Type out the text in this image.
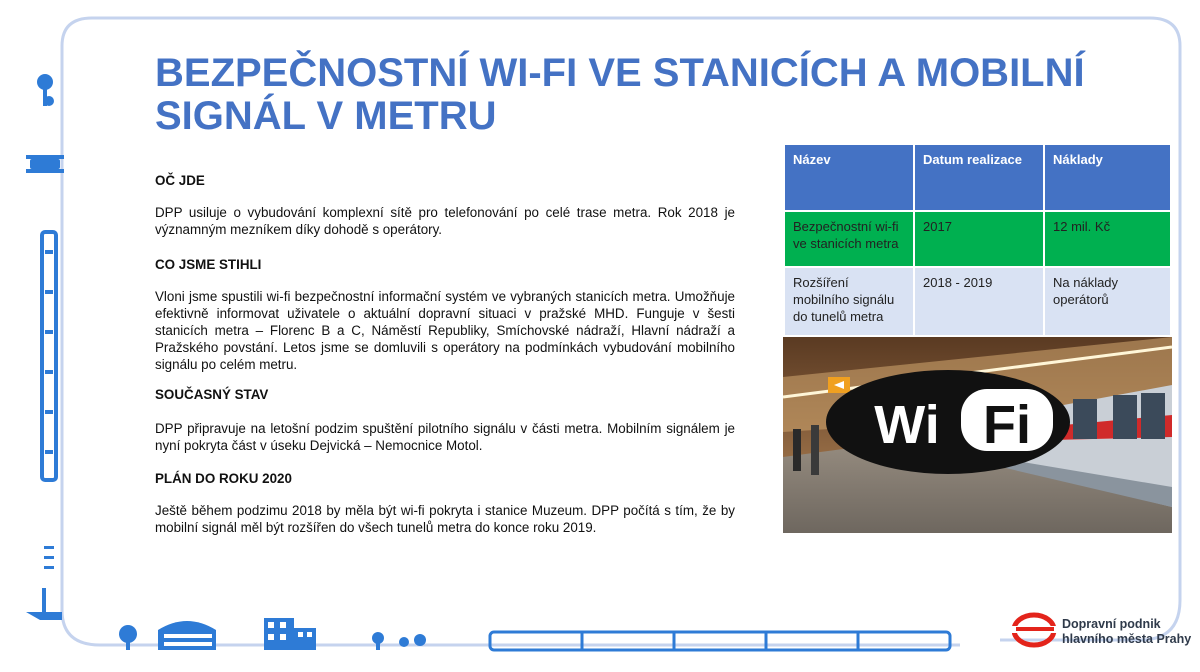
BEZPEČNOSTNÍ WI-FI VE STANICÍCH A MOBILNÍ SIGNÁL V METRU
OČ JDE

DPP usiluje o vybudování komplexní sítě pro telefonování po celé trase metra. Rok 2018 je významným mezníkem díky dohodě s operátory.

CO JSME STIHLI

Vloni jsme spustili wi-fi bezpečnostní informační systém ve vybraných stanicích metra. Umožňuje efektivně informovat uživatele o aktuální dopravní situaci v pražské MHD. Funguje v šesti stanicích metra – Florenc B a C, Náměstí Republiky, Smíchovské nádraží, Hlavní nádraží a Pražského povstání. Letos jsme se domluvili s operátory na podmínkách vybudování mobilního signálu po celém metru.

SOUČASNÝ STAV

DPP připravuje na letošní podzim spuštění pilotního signálu v části metra. Mobilním signálem je nyní pokryta část v úseku Dejvická – Nemocnice Motol.

PLÁN DO ROKU 2020

Ještě během podzimu 2018 by měla být wi-fi pokryta i stanice Muzeum. DPP počítá s tím, že by mobilní signál měl být rozšířen do všech tunelů metra do konce roku 2019.

Název	Datum realizace	Náklady
Bezpečnostní wi-fi ve stanicích metra	2017	12 mil. Kč
Rozšíření mobilního signálu do tunelů metra	2018 - 2019	Na náklady operátorů
Wi Fi
Dopravní podnik
hlavního města Prahy
